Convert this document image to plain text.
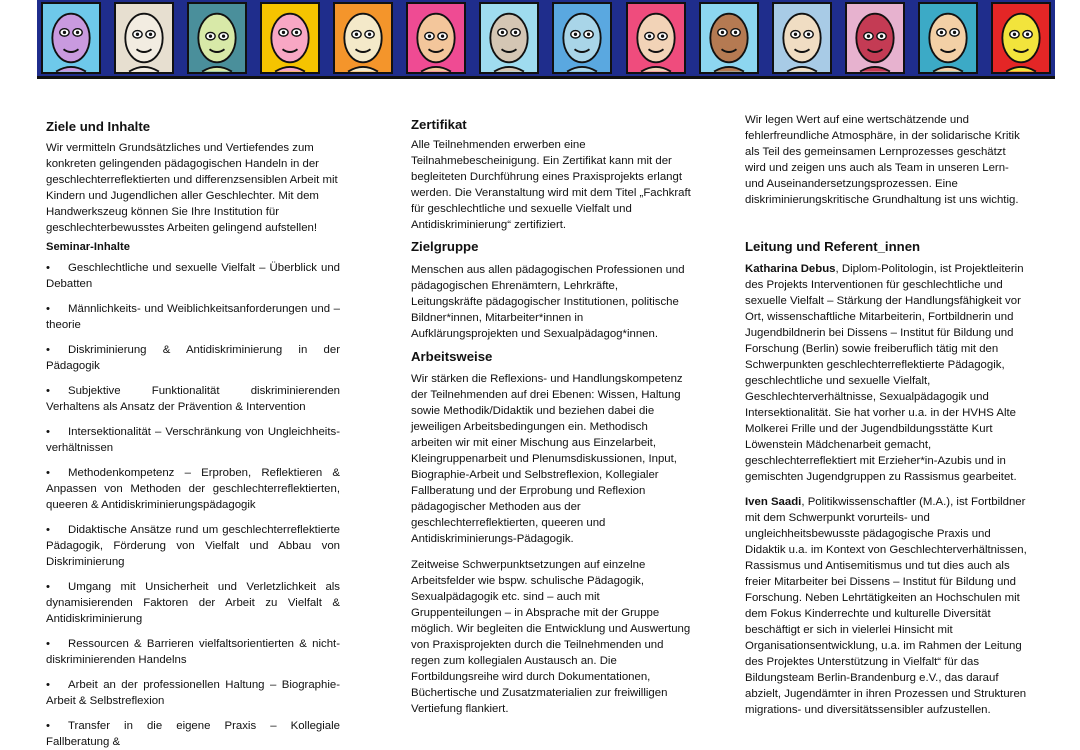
Ziele und Inhalte

Wir vermitteln Grundsätzliches und Vertiefendes zum konkreten gelingenden pädagogischen Handeln in der geschlechterreflektierten und differenzsensiblen Arbeit mit Kindern und Jugendlichen aller Geschlechter. Mit dem Handwerkszeug können Sie Ihre Institution für geschlechterbewusstes Arbeiten gelingend aufstellen!

Seminar-Inhalte

• Geschlechtliche und sexuelle Vielfalt – Überblick und Debatten

• Männlichkeits- und Weiblichkeitsanforderungen und –theorie

• Diskriminierung & Antidiskriminierung in der Pädagogik

• Subjektive Funktionalität diskriminierenden Verhaltens als Ansatz der Prävention & Intervention

• Intersektionalität – Verschränkung von Ungleichheits-verhältnissen

• Methodenkompetenz – Erproben, Reflektieren & Anpassen von Methoden der geschlechterreflektierten, queeren & Antidiskriminierungspädagogik

• Didaktische Ansätze rund um geschlechterreflektierte Pädagogik, Förderung von Vielfalt und Abbau von Diskriminierung

• Umgang mit Unsicherheit und Verletzlichkeit als dynamisierenden Faktoren der Arbeit zu Vielfalt & Antidiskriminierung

• Ressourcen & Barrieren vielfaltsorientierten & nicht-diskriminierenden Handelns

• Arbeit an der professionellen Haltung – Biographie-Arbeit & Selbstreflexion

• Transfer in die eigene Praxis – Kollegiale Fallberatung &

Zertifikat

Alle Teilnehmenden erwerben eine Teilnahmebescheinigung. Ein Zertifikat kann mit der begleiteten Durchführung eines Praxisprojekts erlangt werden. Die Veranstaltung wird mit dem Titel „Fachkraft für geschlechtliche und sexuelle Vielfalt und Antidiskriminierung“ zertifiziert.

Zielgruppe

Menschen aus allen pädagogischen Professionen und pädagogischen Ehrenämtern, Lehrkräfte, Leitungskräfte pädagogischer Institutionen, politische Bildner*innen, Mitarbeiter*innen in Aufklärungsprojekten und Sexualpädagog*innen.

Arbeitsweise

Wir stärken die Reflexions- und Handlungskompetenz der Teilnehmenden auf drei Ebenen: Wissen, Haltung sowie Methodik/Didaktik und beziehen dabei die jeweiligen Arbeitsbedingungen ein. Methodisch arbeiten wir mit einer Mischung aus Einzelarbeit, Kleingruppenarbeit und Plenumsdiskussionen, Input, Biographie-Arbeit und Selbstreflexion, Kollegialer Fallberatung und der Erprobung und Reflexion pädagogischer Methoden aus der geschlechterreflektierten, queeren und Antidiskriminierungs-Pädagogik.

Zeitweise Schwerpunktsetzungen auf einzelne Arbeitsfelder wie bspw. schulische Pädagogik, Sexualpädagogik etc. sind – auch mit Gruppenteilungen – in Absprache mit der Gruppe möglich. Wir begleiten die Entwicklung und Auswertung von Praxisprojekten durch die Teilnehmenden und regen zum kollegialen Austausch an. Die Fortbildungsreihe wird durch Dokumentationen, Büchertische und Zusatzmaterialien zur freiwilligen Vertiefung flankiert.

Wir legen Wert auf eine wertschätzende und fehlerfreundliche Atmosphäre, in der solidarische Kritik als Teil des gemeinsamen Lernprozesses geschätzt wird und zeigen uns auch als Team in unseren Lern- und Auseinandersetzungsprozessen. Eine diskriminierungskritische Grundhaltung ist uns wichtig.

Leitung und Referent_innen

Katharina Debus, Diplom-Politologin, ist Projektleiterin des Projekts Interventionen für geschlechtliche und sexuelle Vielfalt – Stärkung der Handlungsfähigkeit vor Ort, wissenschaftliche Mitarbeiterin, Fortbildnerin und Jugendbildnerin bei Dissens – Institut für Bildung und Forschung (Berlin) sowie freiberuflich tätig mit den Schwerpunkten geschlechterreflektierte Pädagogik, geschlechtliche und sexuelle Vielfalt, Geschlechterverhältnisse, Sexualpädagogik und Intersektionalität. Sie hat vorher u.a. in der HVHS Alte Molkerei Frille und der Jugendbildungsstätte Kurt Löwenstein Mädchenarbeit gemacht, geschlechterreflektiert mit Erzieher*in-Azubis und in gemischten Jugendgruppen zu Rassismus gearbeitet.

Iven Saadi, Politikwissenschaftler (M.A.), ist Fortbildner mit dem Schwerpunkt vorurteils- und ungleichheitsbewusste pädagogische Praxis und Didaktik u.a. im Kontext von Geschlechterverhältnissen, Rassismus und Antisemitismus und tut dies auch als freier Mitarbeiter bei Dissens – Institut für Bildung und Forschung. Neben Lehrtätigkeiten an Hochschulen mit dem Fokus Kinderrechte und kulturelle Diversität beschäftigt er sich in vielerlei Hinsicht mit Organisationsentwicklung, u.a. im Rahmen der Leitung des Projektes Unterstützung in Vielfalt“ für das Bildungsteam Berlin-Brandenburg e.V., das darauf abzielt, Jugendämter in ihren Prozessen und Strukturen migrations- und diversitätssensibler aufzustellen.
